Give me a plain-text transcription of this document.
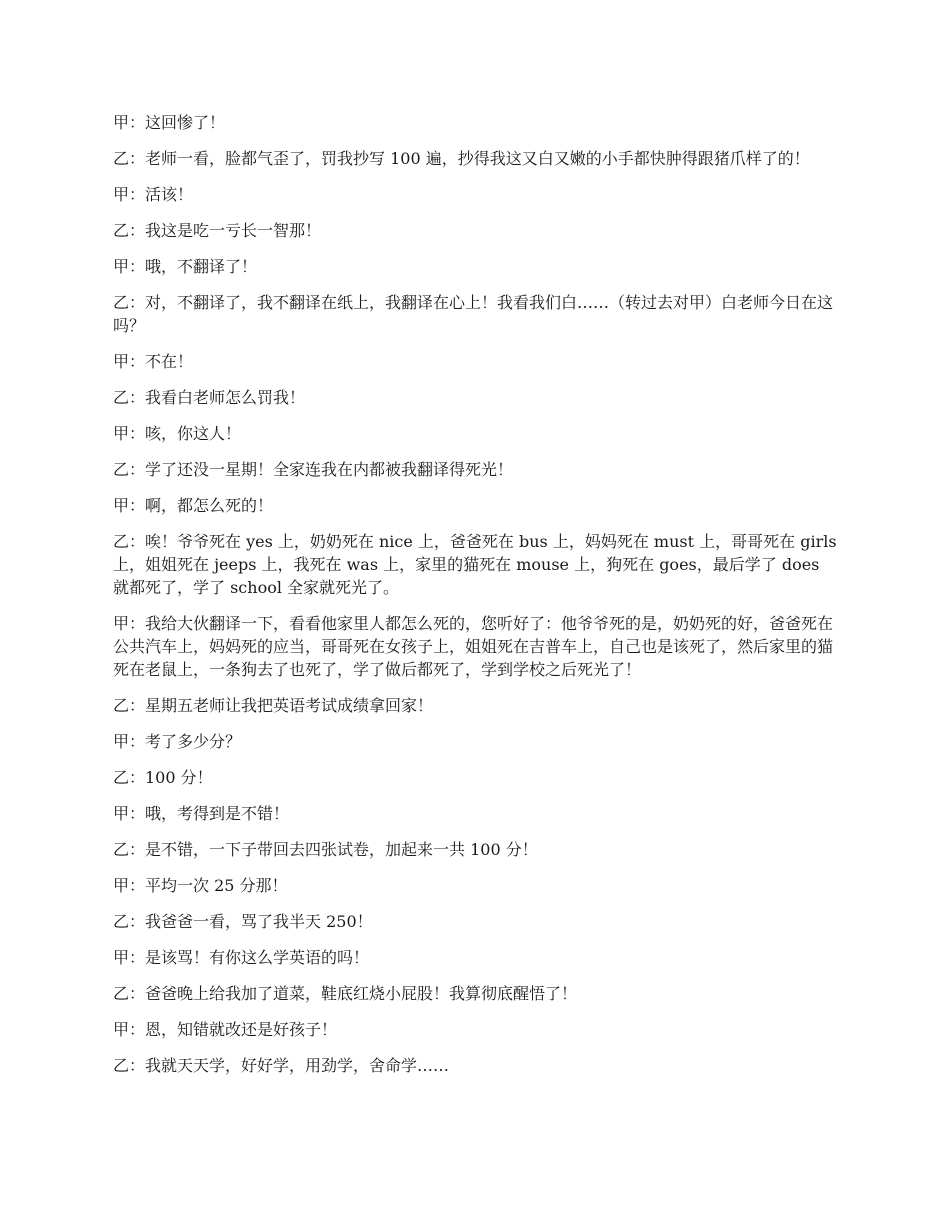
甲：这回惨了！

乙：老师一看，脸都气歪了，罚我抄写 100 遍，抄得我这又白又嫩的小手都快肿得跟猪爪样了的！

甲：活该！

乙：我这是吃一亏长一智那！

甲：哦，不翻译了！

乙：对，不翻译了，我不翻译在纸上，我翻译在心上！我看我们白……（转过去对甲）白老师今日在这吗？

甲：不在！

乙：我看白老师怎么罚我！

甲：咳，你这人！

乙：学了还没一星期！全家连我在内都被我翻译得死光！

甲：啊，都怎么死的！

乙：唉！爷爷死在 yes 上，奶奶死在 nice 上，爸爸死在 bus 上，妈妈死在 must 上，哥哥死在 girls 上，姐姐死在 jeeps 上，我死在 was 上，家里的猫死在 mouse 上，狗死在 goes，最后学了 does 就都死了，学了 school 全家就死光了。

甲：我给大伙翻译一下，看看他家里人都怎么死的，您听好了：他爷爷死的是，奶奶死的好，爸爸死在公共汽车上，妈妈死的应当，哥哥死在女孩子上，姐姐死在吉普车上，自己也是该死了，然后家里的猫死在老鼠上，一条狗去了也死了，学了做后都死了，学到学校之后死光了！

乙：星期五老师让我把英语考试成绩拿回家！

甲：考了多少分？

乙：100 分！

甲：哦，考得到是不错！

乙：是不错，一下子带回去四张试卷，加起来一共 100 分！

甲：平均一次 25 分那！

乙：我爸爸一看，骂了我半天 250！

甲：是该骂！有你这么学英语的吗！

乙：爸爸晚上给我加了道菜，鞋底红烧小屁股！我算彻底醒悟了！

甲：恩，知错就改还是好孩子！

乙：我就天天学，好好学，用劲学，舍命学……
